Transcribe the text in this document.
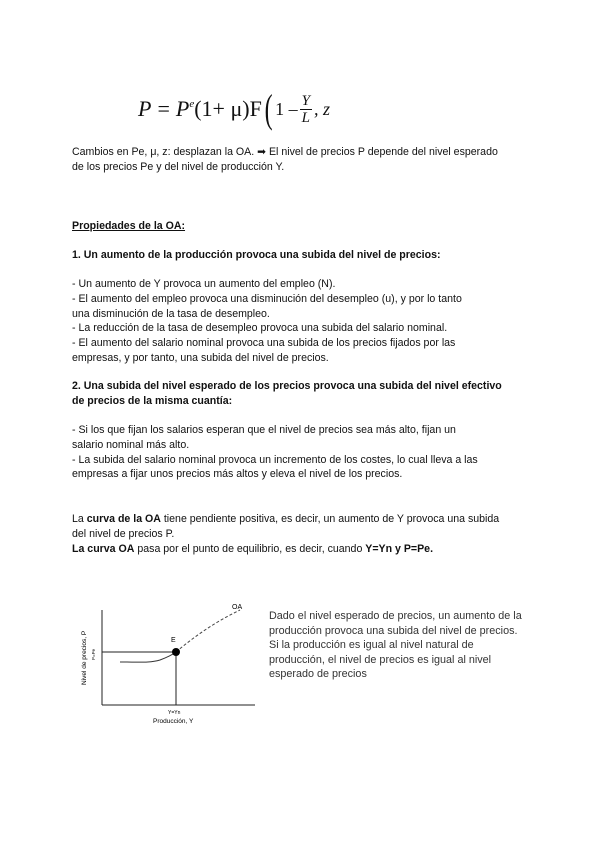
$P = P^e$ (1+ μ)F ( $1 - \frac{Y}{L}$ , z
Cambios en Pe, μ, z: desplazan la OA. ➡ El nivel de precios P depende del nivel esperado
de los precios Pe y del nivel de producción Y.
Propiedades de la OA:
1. Un aumento de la producción provoca una subida del nivel de precios:
- Un aumento de Y provoca un aumento del empleo (N).
- El aumento del empleo provoca una disminución del desempleo (u), y por lo tanto
una disminución de la tasa de desempleo.
- La reducción de la tasa de desempleo provoca una subida del salario nominal.
- El aumento del salario nominal provoca una subida de los precios fijados por las
empresas, y por tanto, una subida del nivel de precios.
2. Una subida del nivel esperado de los precios provoca una subida del nivel efectivo
de precios de la misma cuantía:
- Si los que fijan los salarios esperan que el nivel de precios sea más alto, fijan un
salario nominal más alto.
- La subida del salario nominal provoca un incremento de los costes, lo cual lleva a las
empresas a fijar unos precios más altos y eleva el nivel de los precios.
La curva de la OA tiene pendiente positiva, es decir, un aumento de Y provoca una subida
del nivel de precios P.
La curva OA pasa por el punto de equilibrio, es decir, cuando Y=Yn y P=Pe.
E
OA
Nivel de precios, P P=Pe
Y=Yn
Producción, Y
Dado el nivel esperado de precios, un aumento de la
producción provoca una subida del nivel de precios.
Si la producción es igual al nivel natural de
producción, el nivel de precios es igual al nivel
esperado de precios
